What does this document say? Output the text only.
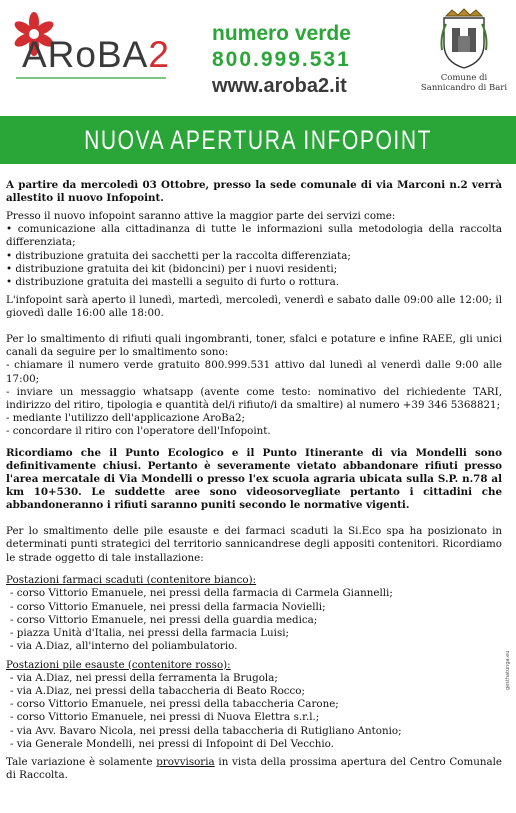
ARoBA2
numero verde
800.999.531
www.aroba2.it	Comune di
Sannicandro di Bari
NUOVA APERTURA INFOPOINT

A partire da mercoledì 03 Ottobre, presso la sede comunale di via Marconi n.2 verrà allestito il nuovo Infopoint.

Presso il nuovo infopoint saranno attive la maggior parte dei servizi come:
• comunicazione alla cittadinanza di tutte le informazioni sulla metodologia della raccolta differenziata;
• distribuzione gratuita dei sacchetti per la raccolta differenziata;
• distribuzione gratuita dei kit (bidoncini) per i nuovi residenti;
• distribuzione gratuita dei mastelli a seguito di furto o rottura.

L'infopoint sarà aperto il lunedì, martedì, mercoledì, venerdì e sabato dalle 09:00 alle 12:00; il giovedì dalle 16:00 alle 18:00.

Per lo smaltimento di rifiuti quali ingombranti, toner, sfalci e potature e infine RAEE, gli unici canali da seguire per lo smaltimento sono:
- chiamare il numero verde gratuito 800.999.531 attivo dal lunedì al venerdì dalle 9:00 alle 17:00;
- inviare un messaggio whatsapp (avente come testo: nominativo del richiedente TARI, indirizzo del ritiro, tipologia e quantità del/i rifiuto/i da smaltire) al numero +39 346 5368821;
- mediante l'utilizzo dell'applicazione AroBa2;
- concordare il ritiro con l'operatore dell'Infopoint.

Ricordiamo che il Punto Ecologico e il Punto Itinerante di via Mondelli sono definitivamente chiusi. Pertanto è severamente vietato abbandonare rifiuti presso l'area mercatale di Via Mondelli o presso l'ex scuola agraria ubicata sulla S.P. n.78 al km 10+530. Le suddette aree sono videosorvegliate pertanto i cittadini che abbandoneranno i rifiuti saranno puniti secondo le normative vigenti.

Per lo smaltimento delle pile esauste e dei farmaci scaduti la Si.Eco spa ha posizionato in determinati punti strategici del territorio sannicandrese degli appositi contenitori. Ricordiamo le strade oggetto di tale installazione:

Postazioni farmaci scaduti (contenitore bianco):
- corso Vittorio Emanuele, nei pressi della farmacia di Carmela Giannelli;
- corso Vittorio Emanuele, nei pressi della farmacia Novielli;
- corso Vittorio Emanuele, nei pressi della guardia medica;
- piazza Unità d'Italia, nei pressi della farmacia Luisi;
- via A.Diaz, all'interno del poliambulatorio.
Postazioni pile esauste (contenitore rosso):
- via A.Diaz, nei pressi della ferramenta la Brugola;
- via A.Diaz, nei pressi della tabaccheria di Beato Rocco;
- corso Vittorio Emanuele, nei pressi della tabaccheria Carone;
- corso Vittorio Emanuele, nei pressi di Nuova Elettra s.r.l.;
- via Avv. Bavaro Nicola, nei pressi della tabaccheria di Rutigliano Antonio;
- via Generale Mondelli, nei pressi di Infopoint di Del Vecchio.

Tale variazione è solamente provvisoria in vista della prossima apertura del Centro Comunale di Raccolta.

gesthatunga.eu
